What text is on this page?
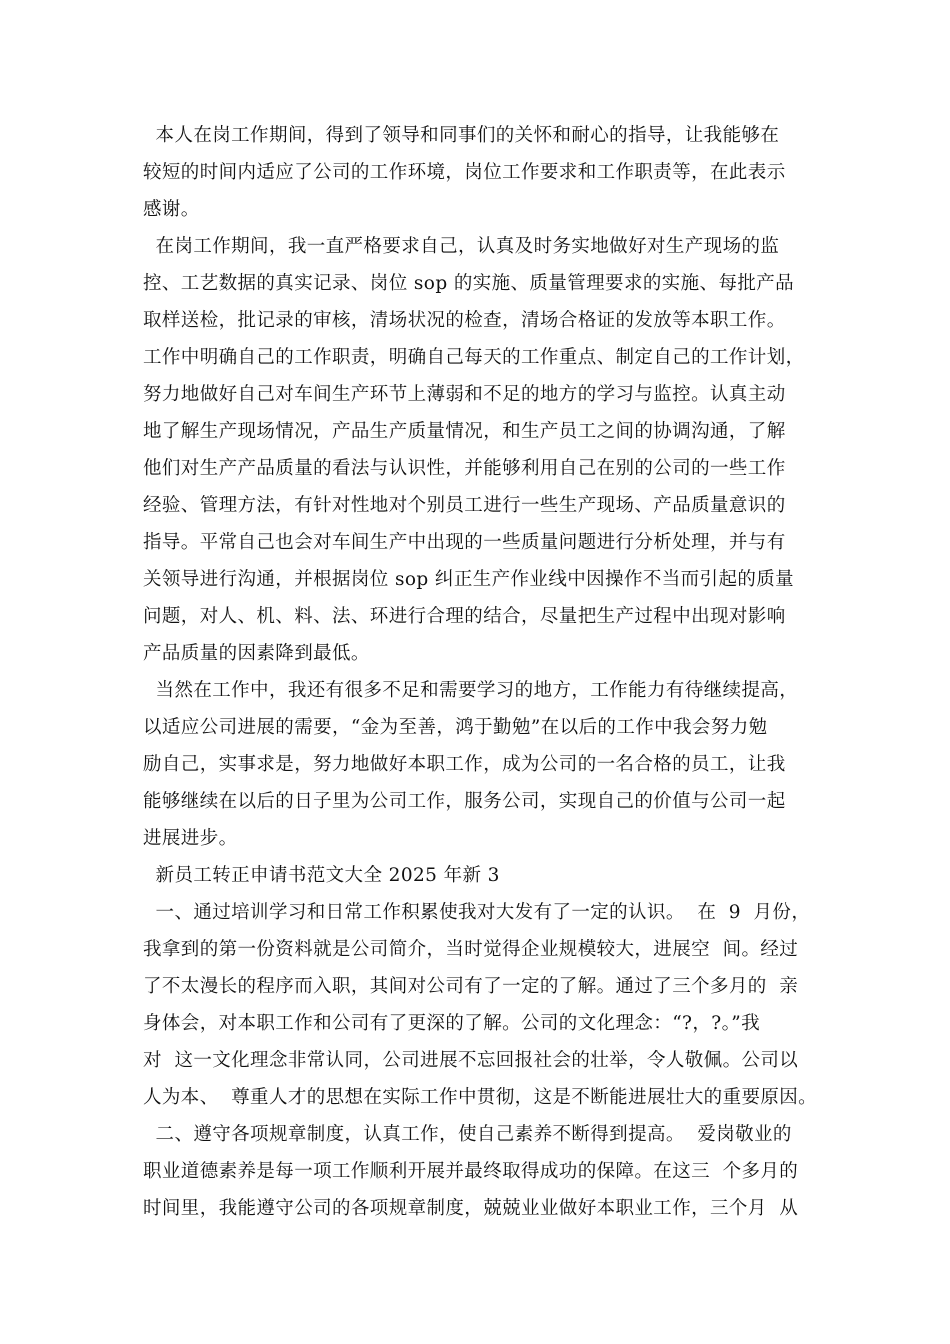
本人在岗工作期间，得到了领导和同事们的关怀和耐心的指导，让我能够在
较短的时间内适应了公司的工作环境，岗位工作要求和工作职责等，在此表示
感谢。
在岗工作期间，我一直严格要求自己，认真及时务实地做好对生产现场的监
控、工艺数据的真实记录、岗位 sop 的实施、质量管理要求的实施、每批产品
取样送检，批记录的审核，清场状况的检查，清场合格证的发放等本职工作。
工作中明确自己的工作职责，明确自己每天的工作重点、制定自己的工作计划，
努力地做好自己对车间生产环节上薄弱和不足的地方的学习与监控。认真主动
地了解生产现场情况，产品生产质量情况，和生产员工之间的协调沟通，了解
他们对生产产品质量的看法与认识性，并能够利用自己在别的公司的一些工作
经验、管理方法，有针对性地对个别员工进行一些生产现场、产品质量意识的
指导。平常自己也会对车间生产中出现的一些质量问题进行分析处理，并与有
关领导进行沟通，并根据岗位 sop 纠正生产作业线中因操作不当而引起的质量
问题，对人、机、料、法、环进行合理的结合，尽量把生产过程中出现对影响
产品质量的因素降到最低。
当然在工作中，我还有很多不足和需要学习的地方，工作能力有待继续提高，
以适应公司进展的需要，“金为至善，鸿于勤勉”在以后的工作中我会努力勉
励自己，实事求是，努力地做好本职工作，成为公司的一名合格的员工，让我
能够继续在以后的日子里为公司工作，服务公司，实现自己的价值与公司一起
进展进步。
新员工转正申请书范文大全 2025 年新 3
一、通过培训学习和日常工作积累使我对大发有了一定的认识。  在  9  月份，
我拿到的第一份资料就是公司简介，当时觉得企业规模较大，进展空  间。经过
了不太漫长的程序而入职，其间对公司有了一定的了解。通过了三个多月的  亲
身体会，对本职工作和公司有了更深的了解。公司的文化理念：“?，?。”我
对  这一文化理念非常认同，公司进展不忘回报社会的壮举，令人敬佩。公司以
人为本、  尊重人才的思想在实际工作中贯彻，这是不断能进展壮大的重要原因。
二、遵守各项规章制度，认真工作，使自己素养不断得到提高。  爱岗敬业的
职业道德素养是每一项工作顺利开展并最终取得成功的保障。在这三  个多月的
时间里，我能遵守公司的各项规章制度，兢兢业业做好本职业工作，三个月  从
